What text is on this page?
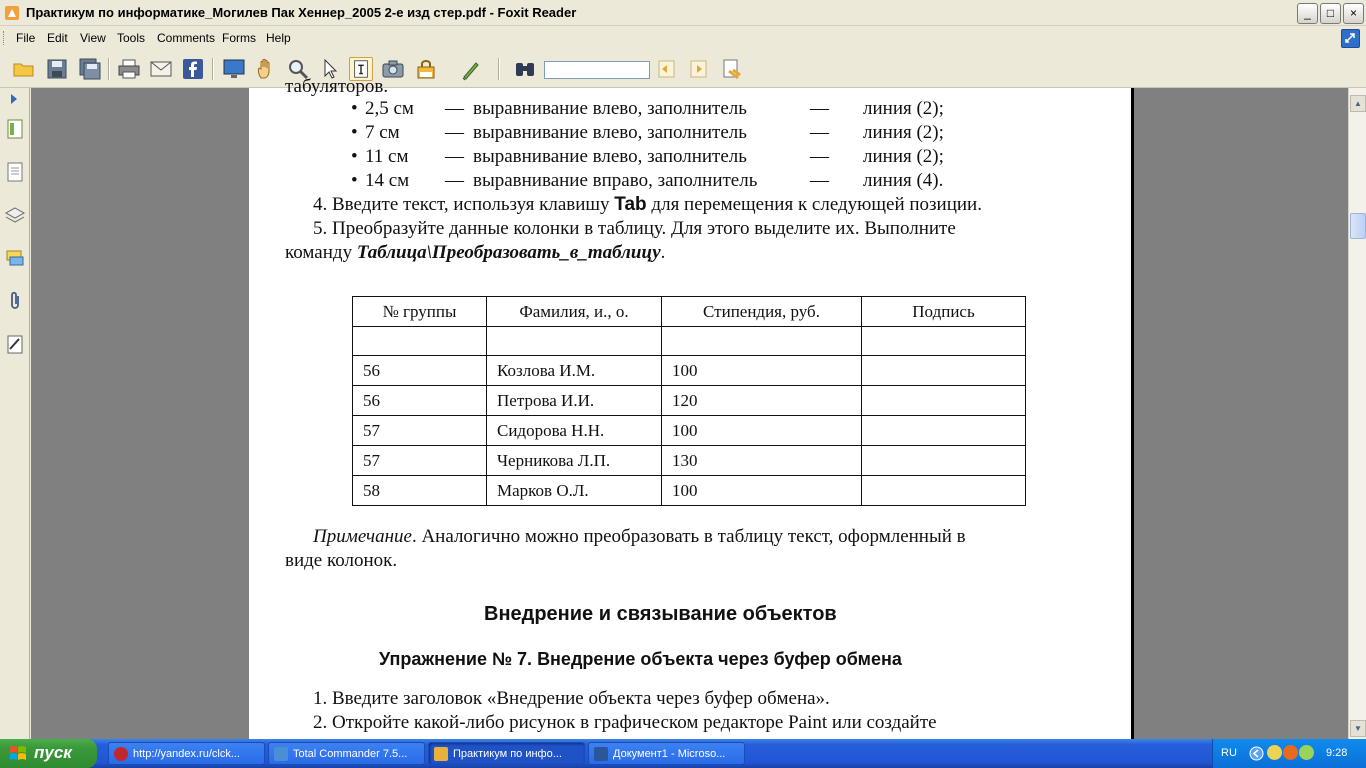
Практикум по информатике_Могилев Пак Хеннер_2005 2-е изд стер.pdf - Foxit Reader	_	□	×
File Edit View Tools Comments Forms Help
табуляторов.
• 2,5 см — выравнивание влево, заполнитель	— линия (2);
• 7 см — выравнивание влево, заполнитель	— линия (2);
• 11 см — выравнивание влево, заполнитель	— линия (2);
• 14 см — выравнивание вправо, заполнитель	— линия (4).
4. Введите текст, используя клавишу Tab для перемещения к следующей позиции.
5. Преобразуйте данные колонки в таблицу. Для этого выделите их. Выполните
команду Таблица\Преобразовать_в_таблицу.
№ группы	Фамилия, и., о.	Стипендия, руб.	Подпись

56	Козлова И.М.	100	
56	Петрова И.И.	120	
57	Сидорова Н.Н.	100	
57	Черникова Л.П.	130	
58	Марков О.Л.	100	
Примечание. Аналогично можно преобразовать в таблицу текст, оформленный в
виде колонок.
Внедрение и связывание объектов
Упражнение № 7. Внедрение объекта через буфер обмена
1. Введите заголовок «Внедрение объекта через буфер обмена».
2. Откройте какой-либо рисунок в графическом редакторе Paint или создайте
▲
▼
пуск	http://yandex.ru/clck...	Total Commander 7.5...	Практикум по инфо...	Документ1 - Microso...	RU	9:28
